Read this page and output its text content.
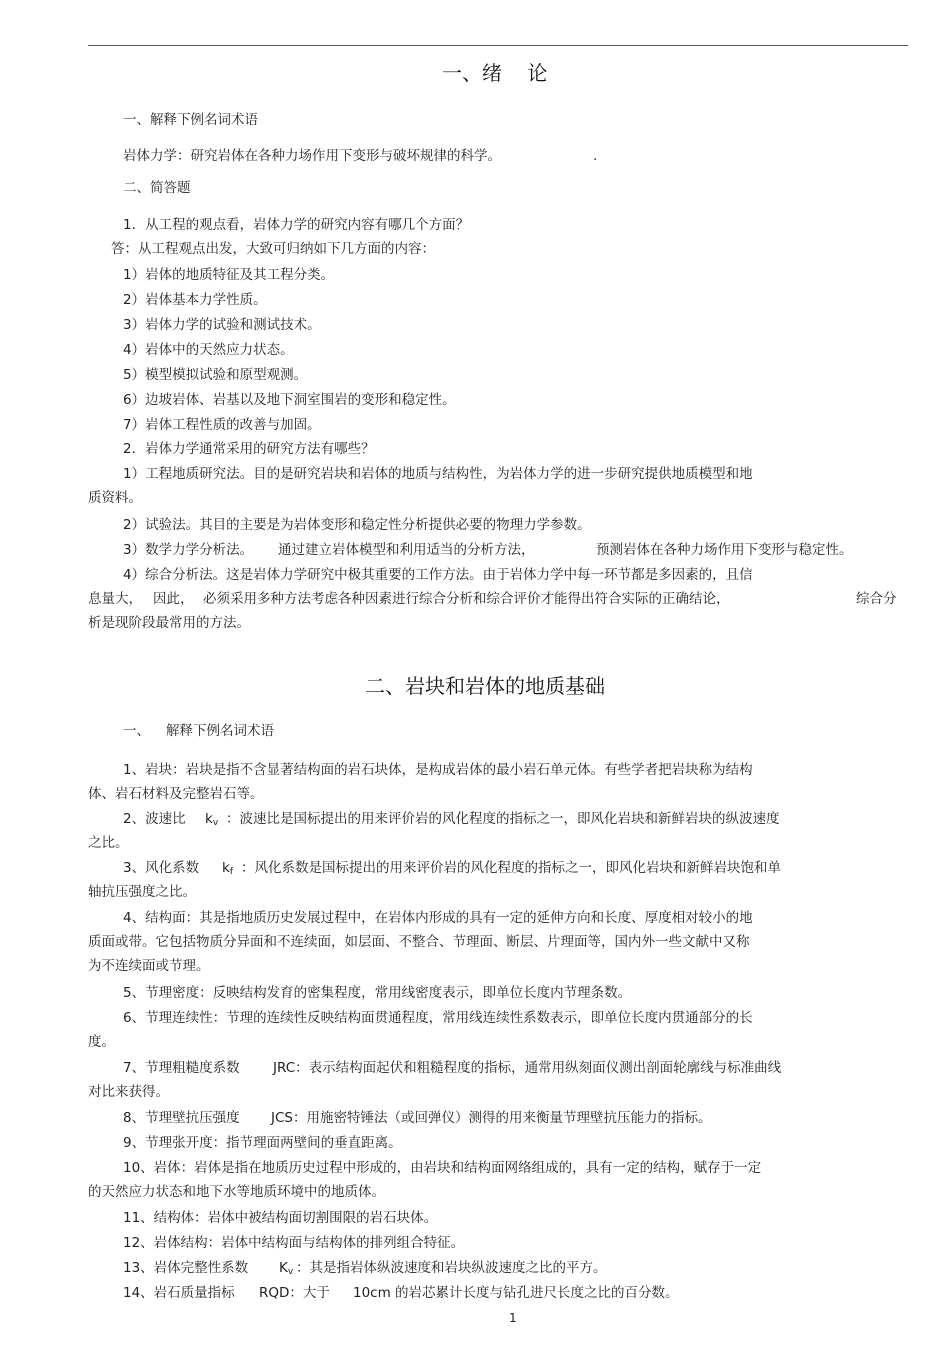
一、绪    论
一、解释下例名词术语
岩体力学：研究岩体在各种力场作用下变形与破坏规律的科学。	.
二、简答题
1．从工程的观点看，岩体力学的研究内容有哪几个方面？
答：从工程观点出发，大致可归纳如下几方面的内容：
1）岩体的地质特征及其工程分类。
2）岩体基本力学性质。
3）岩体力学的试验和测试技术。
4）岩体中的天然应力状态。
5）模型模拟试验和原型观测。
6）边坡岩体、岩基以及地下洞室围岩的变形和稳定性。
7）岩体工程性质的改善与加固。
2．岩体力学通常采用的研究方法有哪些？
1）工程地质研究法。目的是研究岩块和岩体的地质与结构性，为岩体力学的进一步研究提供地质模型和地
质资料。
2）试验法。其目的主要是为岩体变形和稳定性分析提供必要的物理力学参数。
3）数学力学分析法。 通过建立岩体模型和利用适当的分析方法，	预测岩体在各种力场作用下变形与稳定性。
4）综合分析法。这是岩体力学研究中极其重要的工作方法。由于岩体力学中每一环节都是多因素的，且信
息量大， 因此， 必须采用多种方法考虑各种因素进行综合分析和综合评价才能得出符合实际的正确结论，	综合分
析是现阶段最常用的方法。
二、岩块和岩体的地质基础
一、 解释下例名词术语
1、岩块：岩块是指不含显著结构面的岩石块体，是构成岩体的最小岩石单元体。有些学者把岩块称为结构
体、岩石材料及完整岩石等。
2、波速比 $k_v$ ：波速比是国标提出的用来评价岩的风化程度的指标之一，即风化岩块和新鲜岩块的纵波速度
之比。
3、风化系数 $k_f$ ：风化系数是国标提出的用来评价岩的风化程度的指标之一，即风化岩块和新鲜岩块饱和单
轴抗压强度之比。
4、结构面：其是指地质历史发展过程中，在岩体内形成的具有一定的延伸方向和长度、厚度相对较小的地
质面或带。它包括物质分异面和不连续面，如层面、不整合、节理面、断层、片理面等，国内外一些文献中又称
为不连续面或节理。
5、节理密度：反映结构发育的密集程度，常用线密度表示，即单位长度内节理条数。
6、节理连续性：节理的连续性反映结构面贯通程度，常用线连续性系数表示，即单位长度内贯通部分的长
度。
7、节理粗糙度系数 JRC：表示结构面起伏和粗糙程度的指标，通常用纵刻面仪测出剖面轮廓线与标准曲线
对比来获得。
8、节理壁抗压强度 JCS：用施密特锤法（或回弹仪）测得的用来衡量节理壁抗压能力的指标。
9、节理张开度：指节理面两壁间的垂直距离。
10、岩体：岩体是指在地质历史过程中形成的，由岩块和结构面网络组成的，具有一定的结构，赋存于一定
的天然应力状态和地下水等地质环境中的地质体。
11、结构体：岩体中被结构面切割围限的岩石块体。
12、岩体结构：岩体中结构面与结构体的排列组合特征。
13、岩体完整性系数 $K_v$ ：其是指岩体纵波速度和岩块纵波速度之比的平方。
14、岩石质量指标 RQD：大于 10cm 的岩芯累计长度与钻孔进尺长度之比的百分数。
1
